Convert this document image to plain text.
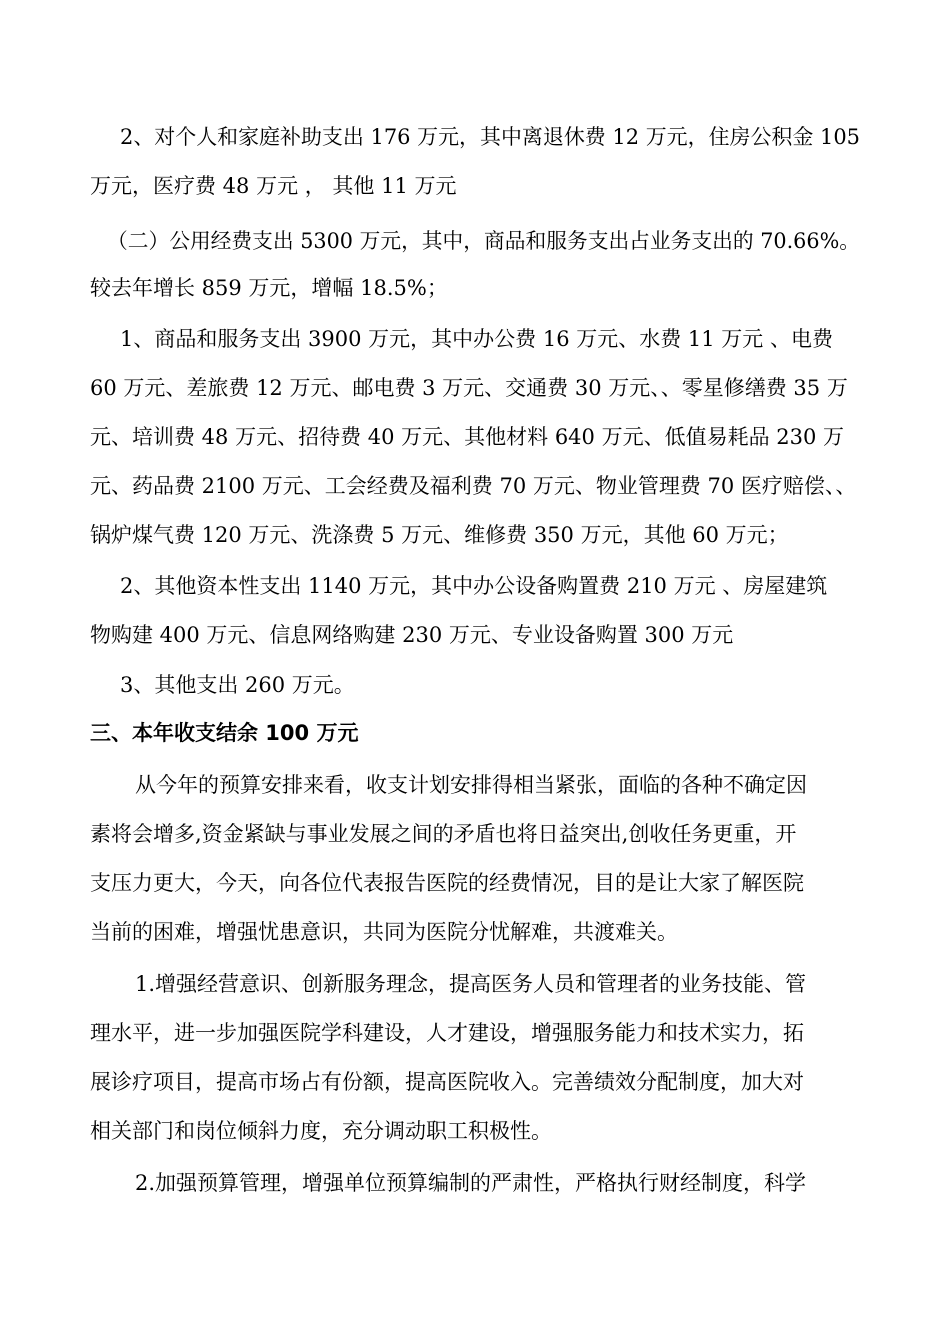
2、对个人和家庭补助支出 176 万元，其中离退休费 12 万元，住房公积金 105
万元，医疗费 48 万元 ， 其他 11 万元
（二）公用经费支出 5300 万元，其中，商品和服务支出占业务支出的 70.66%。
较去年增长 859 万元，增幅 18.5%；
1、商品和服务支出 3900 万元，其中办公费 16 万元、水费 11 万元 、电费
60 万元、差旅费 12 万元、邮电费 3 万元、交通费 30 万元、、零星修缮费 35 万
元、培训费 48 万元、招待费 40 万元、其他材料 640 万元、低值易耗品 230 万
元、药品费 2100 万元、工会经费及福利费 70 万元、物业管理费 70 医疗赔偿、、
锅炉煤气费 120 万元、洗涤费 5 万元、维修费 350 万元，其他 60 万元；
2、其他资本性支出 1140 万元，其中办公设备购置费 210 万元 、房屋建筑
物购建 400 万元、信息网络购建 230 万元、专业设备购置 300 万元
3、其他支出 260 万元。
三、本年收支结余 100 万元
从今年的预算安排来看，收支计划安排得相当紧张，面临的各种不确定因
素将会增多,资金紧缺与事业发展之间的矛盾也将日益突出,创收任务更重，开
支压力更大，今天，向各位代表报告医院的经费情况，目的是让大家了解医院
当前的困难，增强忧患意识，共同为医院分忧解难，共渡难关。
1.增强经营意识、创新服务理念，提高医务人员和管理者的业务技能、管
理水平，进一步加强医院学科建设，人才建设，增强服务能力和技术实力，拓
展诊疗项目，提高市场占有份额，提高医院收入。完善绩效分配制度，加大对
相关部门和岗位倾斜力度，充分调动职工积极性。
2.加强预算管理，增强单位预算编制的严肃性，严格执行财经制度，科学
